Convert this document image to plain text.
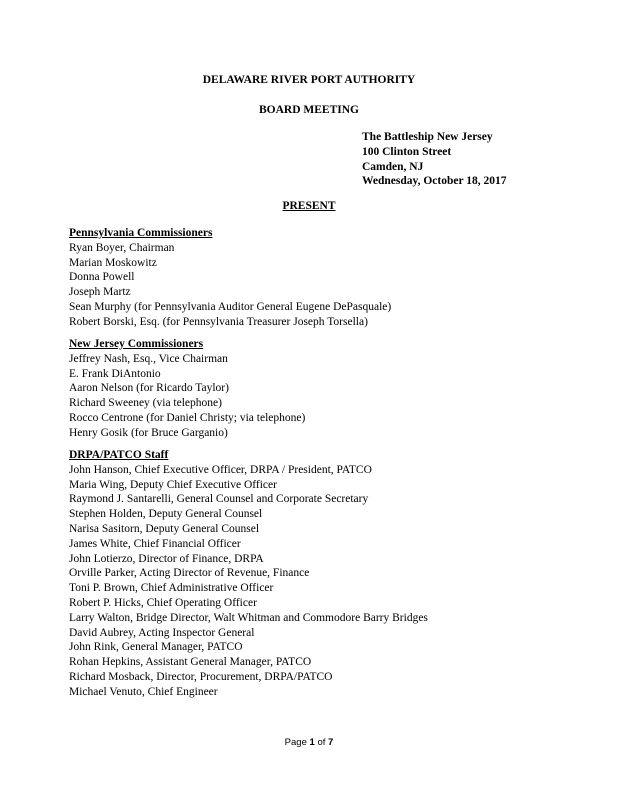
DELAWARE RIVER PORT AUTHORITY
BOARD MEETING
The Battleship New Jersey
100 Clinton Street
Camden, NJ
Wednesday, October 18, 2017
PRESENT
Pennsylvania Commissioners
Ryan Boyer, Chairman
Marian Moskowitz
Donna Powell
Joseph Martz
Sean Murphy (for Pennsylvania Auditor General Eugene DePasquale)
Robert Borski, Esq. (for Pennsylvania Treasurer Joseph Torsella)
New Jersey Commissioners
Jeffrey Nash, Esq., Vice Chairman
E. Frank DiAntonio
Aaron Nelson (for Ricardo Taylor)
Richard Sweeney (via telephone)
Rocco Centrone (for Daniel Christy; via telephone)
Henry Gosik (for Bruce Garganio)
DRPA/PATCO Staff
John Hanson, Chief Executive Officer, DRPA / President, PATCO
Maria Wing, Deputy Chief Executive Officer
Raymond J. Santarelli, General Counsel and Corporate Secretary
Stephen Holden, Deputy General Counsel
Narisa Sasitorn, Deputy General Counsel
James White, Chief Financial Officer
John Lotierzo, Director of Finance, DRPA
Orville Parker, Acting Director of Revenue, Finance
Toni P. Brown, Chief Administrative Officer
Robert P. Hicks, Chief Operating Officer
Larry Walton, Bridge Director, Walt Whitman and Commodore Barry Bridges
David Aubrey, Acting Inspector General
John Rink, General Manager, PATCO
Rohan Hepkins, Assistant General Manager, PATCO
Richard Mosback, Director, Procurement, DRPA/PATCO
Michael Venuto, Chief Engineer
Page 1 of 7
